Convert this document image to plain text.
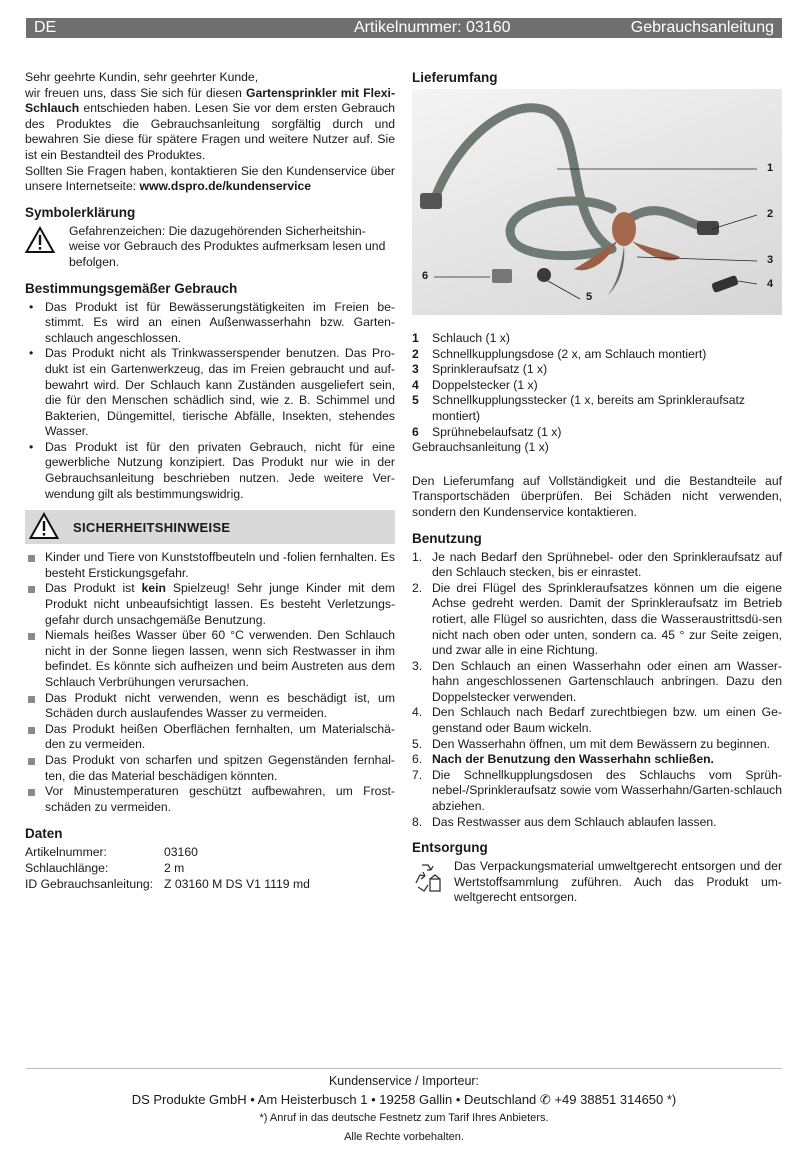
DE	Artikelnummer: 03160	Gebrauchsanleitung

Sehr geehrte Kundin, sehr geehrter Kunde,

wir freuen uns, dass Sie sich für diesen Gartensprinkler mit Flexi-Schlauch entschieden haben. Lesen Sie vor dem ersten Gebrauch des Produktes die Gebrauchsanleitung sorgfältig durch und bewahren Sie diese für spätere Fragen und weitere Nutzer auf. Sie ist ein Bestandteil des Produktes.

Sollten Sie Fragen haben, kontaktieren Sie den Kundenservice über unsere Internetseite: www.dspro.de/kundenservice

Symbolerklärung

Gefahrenzeichen: Die dazugehörenden Sicherheitshin-weise vor Gebrauch des Produktes aufmerksam lesen und befolgen.

Bestimmungsgemäßer Gebrauch
• Das Produkt ist für Bewässerungstätigkeiten im Freien be-stimmt. Es wird an einen Außenwasserhahn bzw. Garten-schlauch angeschlossen.
• Das Produkt nicht als Trinkwasserspender benutzen. Das Pro-dukt ist ein Gartenwerkzeug, das im Freien gebraucht und auf-bewahrt wird. Der Schlauch kann Zuständen ausgeliefert sein, die für den Menschen schädlich sind, wie z. B. Schimmel und Bakterien, Düngemittel, tierische Abfälle, Insekten, stehendes Wasser.
• Das Produkt ist für den privaten Gebrauch, nicht für eine gewerbliche Nutzung konzipiert. Das Produkt nur wie in der Gebrauchsanleitung beschrieben nutzen. Jede weitere Ver-wendung gilt als bestimmungswidrig.
SICHERHEITSHINWEISE
Kinder und Tiere von Kunststoffbeuteln und -folien fernhalten. Es besteht Erstickungsgefahr.
Das Produkt ist kein Spielzeug! Sehr junge Kinder mit dem Produkt nicht unbeaufsichtigt lassen. Es besteht Verletzungs-gefahr durch unsachgemäße Benutzung.
Niemals heißes Wasser über 60 °C verwenden. Den Schlauch nicht in der Sonne liegen lassen, wenn sich Restwasser in ihm befindet. Es könnte sich aufheizen und beim Austreten aus dem Schlauch Verbrühungen verursachen.
Das Produkt nicht verwenden, wenn es beschädigt ist, um Schäden durch auslaufendes Wasser zu vermeiden.
Das Produkt heißen Oberflächen fernhalten, um Materialschä-den zu vermeiden.
Das Produkt von scharfen und spitzen Gegenständen fernhal-ten, die das Material beschädigen könnten.
Vor Minustemperaturen geschützt aufbewahren, um Frost-schäden zu vermeiden.
Daten
Artikelnummer:	03160
Schlauchlänge:	2 m
ID Gebrauchsanleitung:	Z 03160 M DS V1 1119 md
Lieferumfang
1
2
3
4
5
6
1 Schlauch (1 x)
2 Schnellkupplungsdose (2 x, am Schlauch montiert)
3 Sprinkleraufsatz (1 x)
4 Doppelstecker (1 x)
5 Schnellkupplungsstecker (1 x, bereits am Sprinkleraufsatz montiert)
6 Sprühnebelaufsatz (1 x)

Gebrauchsanleitung (1 x)

Den Lieferumfang auf Vollständigkeit und die Bestandteile auf Transportschäden überprüfen. Bei Schäden nicht verwenden, sondern den Kundenservice kontaktieren.

Benutzung
1. Je nach Bedarf den Sprühnebel- oder den Sprinkleraufsatz auf den Schlauch stecken, bis er einrastet.
2. Die drei Flügel des Sprinkleraufsatzes können um die eigene Achse gedreht werden. Damit der Sprinkleraufsatz im Betrieb rotiert, alle Flügel so ausrichten, dass die Wasseraustrittsdü-sen nicht nach oben oder unten, sondern ca. 45 ° zur Seite zeigen, und zwar alle in eine Richtung.
3. Den Schlauch an einen Wasserhahn oder einen am Wasser-hahn angeschlossenen Gartenschlauch anbringen. Dazu den Doppelstecker verwenden.
4. Den Schlauch nach Bedarf zurechtbiegen bzw. um einen Ge-genstand oder Baum wickeln.
5. Den Wasserhahn öffnen, um mit dem Bewässern zu beginnen.
6. Nach der Benutzung den Wasserhahn schließen.
7. Die Schnellkupplungsdosen des Schlauchs vom Sprüh-nebel-/Sprinkleraufsatz sowie vom Wasserhahn/Garten-schlauch abziehen.
8. Das Restwasser aus dem Schlauch ablaufen lassen.
Entsorgung

Das Verpackungsmaterial umweltgerecht entsorgen und der Wertstoffsammlung zuführen. Auch das Produkt um-weltgerecht entsorgen.

Kundenservice / Importeur:
DS Produkte GmbH • Am Heisterbusch 1 • 19258 Gallin • Deutschland ✆ +49 38851 314650 *)
*) Anruf in das deutsche Festnetz zum Tarif Ihres Anbieters.
Alle Rechte vorbehalten.
